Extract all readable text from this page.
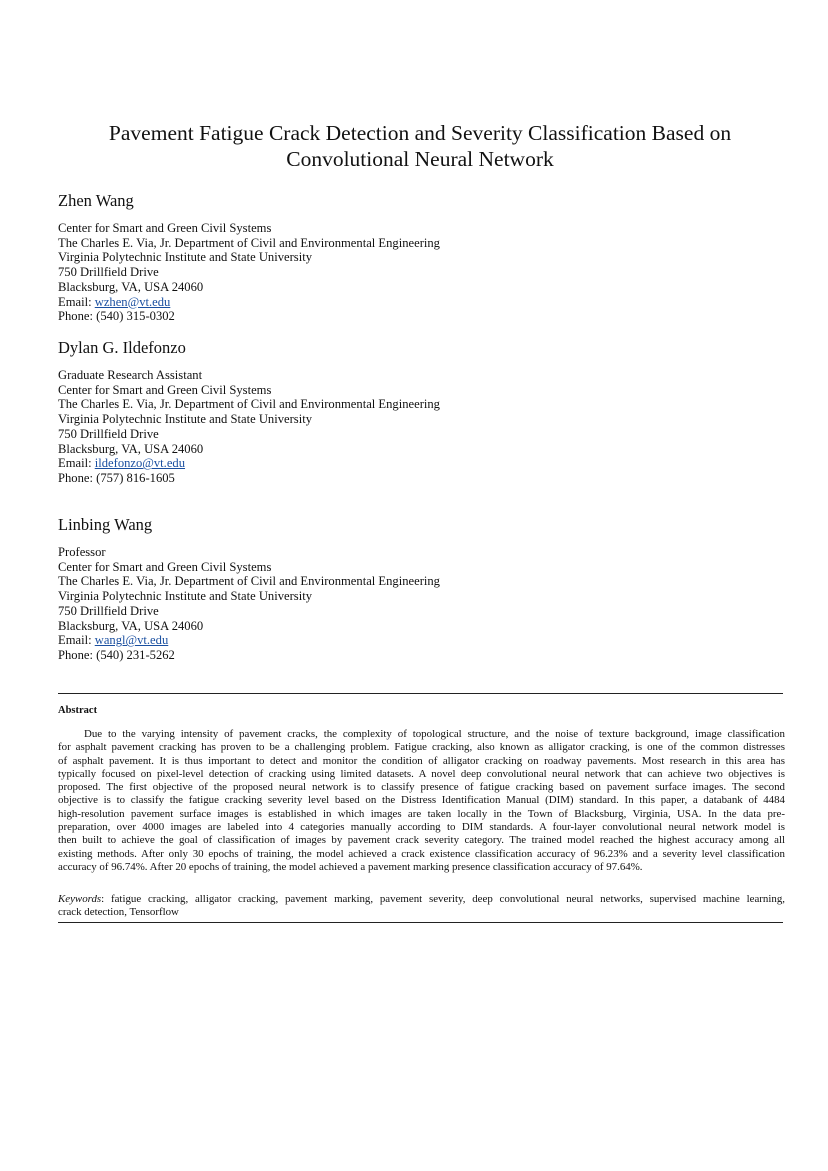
Pavement Fatigue Crack Detection and Severity Classification Based on
Convolutional Neural Network
Zhen Wang
Center for Smart and Green Civil Systems
The Charles E. Via, Jr. Department of Civil and Environmental Engineering
Virginia Polytechnic Institute and State University
750 Drillfield Drive
Blacksburg, VA, USA 24060
Email: wzhen@vt.edu
Phone: (540) 315-0302
Dylan G. Ildefonzo
Graduate Research Assistant
Center for Smart and Green Civil Systems
The Charles E. Via, Jr. Department of Civil and Environmental Engineering
Virginia Polytechnic Institute and State University
750 Drillfield Drive
Blacksburg, VA, USA 24060
Email: ildefonzo@vt.edu
Phone: (757) 816-1605
Linbing Wang
Professor
Center for Smart and Green Civil Systems
The Charles E. Via, Jr. Department of Civil and Environmental Engineering
Virginia Polytechnic Institute and State University
750 Drillfield Drive
Blacksburg, VA, USA 24060
Email: wangl@vt.edu
Phone: (540) 231-5262
Abstract
Due to the varying intensity of pavement cracks, the complexity of topological structure, and the noise of texture background, image classification
for asphalt pavement cracking has proven to be a challenging problem. Fatigue cracking, also known as alligator cracking, is one of the common distresses
of asphalt pavement. It is thus important to detect and monitor the condition of alligator cracking on roadway pavements. Most research in this area has
typically focused on pixel-level detection of cracking using limited datasets. A novel deep convolutional neural network that can achieve two objectives is
proposed. The first objective of the proposed neural network is to classify presence of fatigue cracking based on pavement surface images. The second
objective is to classify the fatigue cracking severity level based on the Distress Identification Manual (DIM) standard. In this paper, a databank of 4484
high-resolution pavement surface images is established in which images are taken locally in the Town of Blacksburg, Virginia, USA. In the data pre-
preparation, over 4000 images are labeled into 4 categories manually according to DIM standards. A four-layer convolutional neural network model is
then built to achieve the goal of classification of images by pavement crack severity category. The trained model reached the highest accuracy among all
existing methods. After only 30 epochs of training, the model achieved a crack existence classification accuracy of 96.23% and a severity level classification
accuracy of 96.74%. After 20 epochs of training, the model achieved a pavement marking presence classification accuracy of 97.64%.
Keywords: fatigue cracking, alligator cracking, pavement marking, pavement severity, deep convolutional neural networks, supervised machine learning,
crack detection, Tensorflow
